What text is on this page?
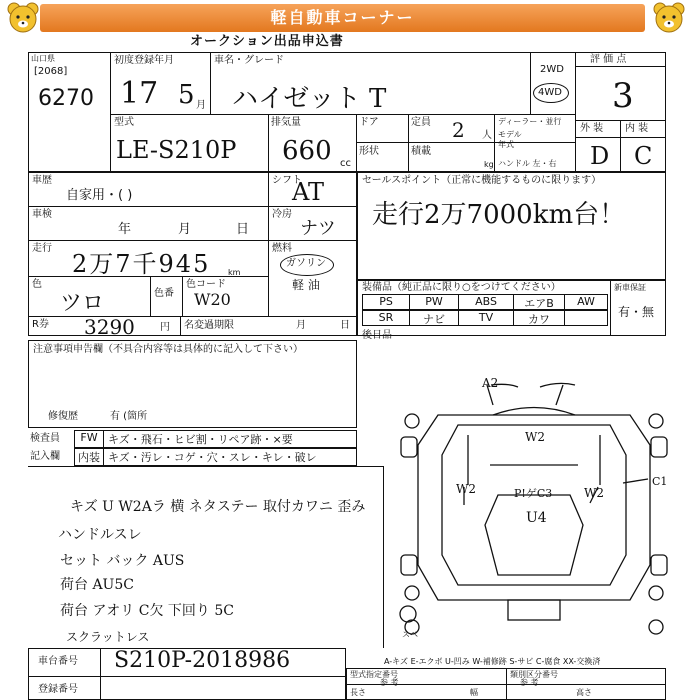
軽自動車コーナー
オークション出品申込書
山口県
[2068]
6270
初度登録年月
17 5 月
車名・グレード
ハイゼット T
2WD
4WD
評 価 点
3
型式
LE-S210P
排気量
660 cc
ドア
形状
定員 2 人
積載
kg
ディーラー・並行
モデル年式
ハンドル 左・右
外 装 内 装
D C
車歴
自家用・( )
シフト
AT
車検
年	月	日
冷房
ナツ
走行
2万7千945 km
燃料
ガソリン
軽 油
色
ツロ	色番
色コード
W20
R券 3290	円 名変過期限	月	日
セールスポイント（正常に機能するものに限ります）
走行2万7000km台！
装備品（純正品に限り○をつけてください）	新車保証
有・無
PS	PW	ABS	エアB	AW
SR	ナビ	TV	カワ
後日品
注意事項申告欄（不具合内容等は具体的に記入して下さい）
修復歴	有 (箇所
検査員
記入欄
FW
内装
キズ・飛石・ヒビ割・リペア跡・×要
キズ・汚レ・コゲ・穴・スレ・キレ・破レ
キズ U W2Aラ 横 ネタステー 取付カワニ 歪み
ハンドルスレ
セット バック AUS
荷台 AU5C
荷台 アオリ C欠 下回り 5C
スクラットレス
A2
W2
W2	W2
P!ゲC3
U4
C1
スペ
A-キズ E-エクボ U-凹み W-補修跡 S-サビ C-腐食 XX-交換済
車台番号 S210P-2018986
登録番号
型式指定番号	類別区分番号
参 考	参 考
長さ	幅	高さ
